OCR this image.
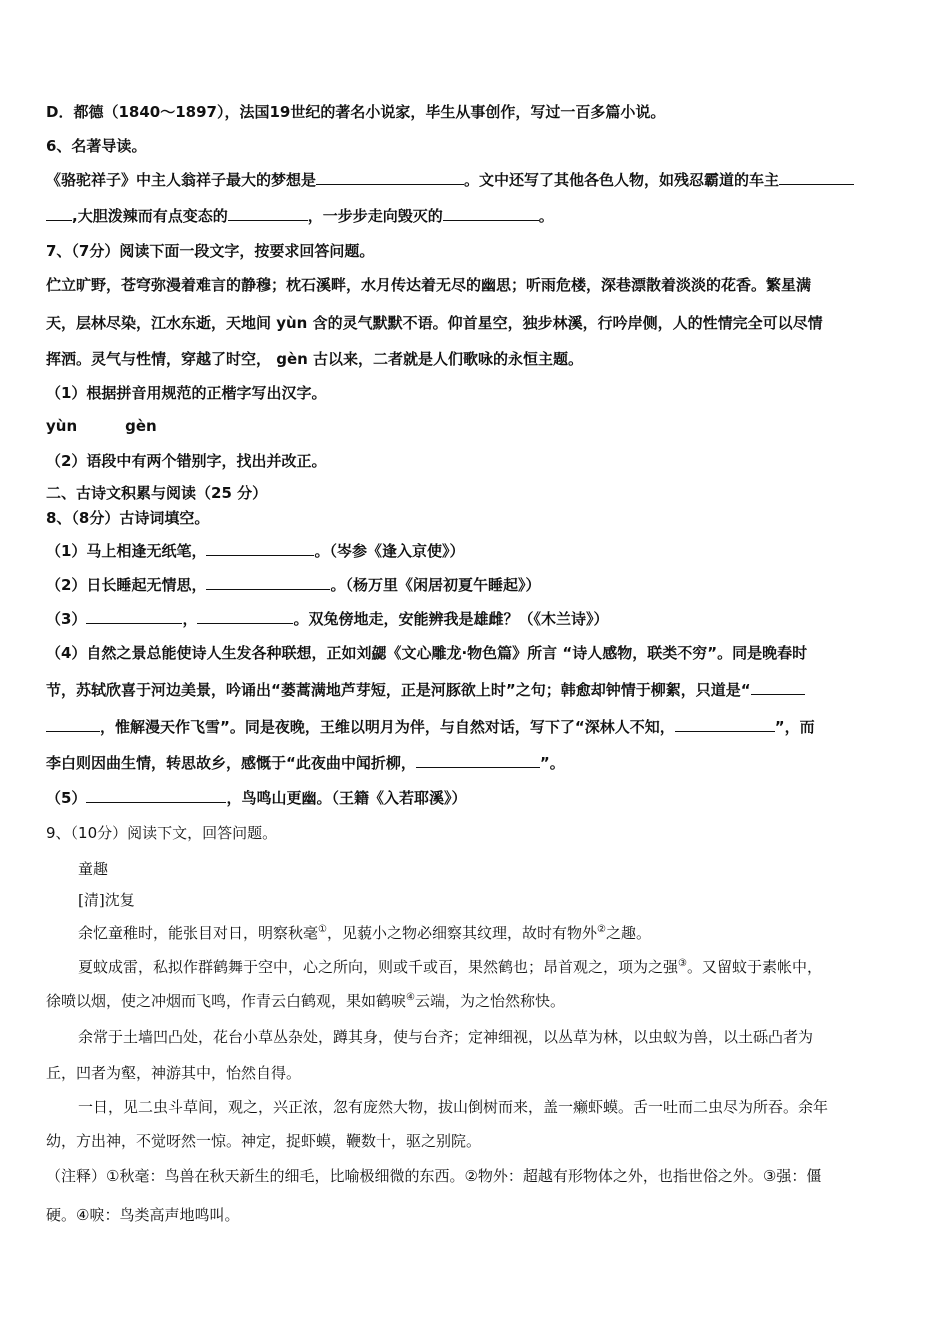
D．都德（1840～1897），法国19世纪的著名小说家，毕生从事创作，写过一百多篇小说。
6、名著导读。
《骆驼祥子》中主人翁祥子最大的梦想是	。文中还写了其他各色人物，如残忍霸道的车主
,大胆泼辣而有点变态的	，一步步走向毁灭的	。
7、（7分）阅读下面一段文字，按要求回答问题。
伫立旷野，苍穹弥漫着难言的静穆；枕石溪畔，水月传达着无尽的幽思；听雨危楼，深巷漂散着淡淡的花香。繁星满
天，层林尽染，江水东逝，天地间 yùn 含的灵气默默不语。仰首星空，独步林溪，行吟岸侧，人的性情完全可以尽情
挥洒。灵气与性情，穿越了时空， gèn 古以来，二者就是人们歌咏的永恒主题。
（1）根据拼音用规范的正楷字写出汉字。
yùn	gèn
（2）语段中有两个错别字，找出并改正。
二、古诗文积累与阅读（25 分）
8、（8分）古诗词填空。
（1）马上相逢无纸笔，	。（岑参《逢入京使》）
（2）日长睡起无情思，	。（杨万里《闲居初夏午睡起》）
（3）	，	。双兔傍地走，安能辨我是雄雌？（《木兰诗》）
（4）自然之景总能使诗人生发各种联想，正如刘勰《文心雕龙·物色篇》所言 “诗人感物，联类不穷”。同是晚春时
节，苏轼欣喜于河边美景，吟诵出“蒌蒿满地芦芽短，正是河豚欲上时”之句；韩愈却钟情于柳絮，只道是“
，惟解漫天作飞雪”。同是夜晚，王维以明月为伴，与自然对话，写下了“深林人不知，	”，而
李白则因曲生情，转思故乡，感慨于“此夜曲中闻折柳，	”。
（5）	，鸟鸣山更幽。（王籍《入若耶溪》）
9、（10分）阅读下文，回答问题。
童趣
[清]沈复
余忆童稚时，能张目对日，明察秋毫①，见藐小之物必细察其纹理，故时有物外②之趣。
夏蚊成雷，私拟作群鹤舞于空中，心之所向，则或千或百，果然鹤也；昂首观之，项为之强③。又留蚊于素帐中，
徐喷以烟，使之冲烟而飞鸣，作青云白鹤观，果如鹤唳④云端，为之怡然称快。
余常于土墙凹凸处，花台小草丛杂处，蹲其身，使与台齐；定神细视，以丛草为林，以虫蚁为兽，以土砾凸者为
丘，凹者为壑，神游其中，怡然自得。
一日，见二虫斗草间，观之，兴正浓，忽有庞然大物，拔山倒树而来，盖一癞虾蟆。舌一吐而二虫尽为所吞。余年
幼，方出神，不觉呀然一惊。神定，捉虾蟆，鞭数十，驱之别院。
（注释）①秋毫：鸟兽在秋天新生的细毛，比喻极细微的东西。②物外：超越有形物体之外，也指世俗之外。③强：僵
硬。④唳：鸟类高声地鸣叫。
